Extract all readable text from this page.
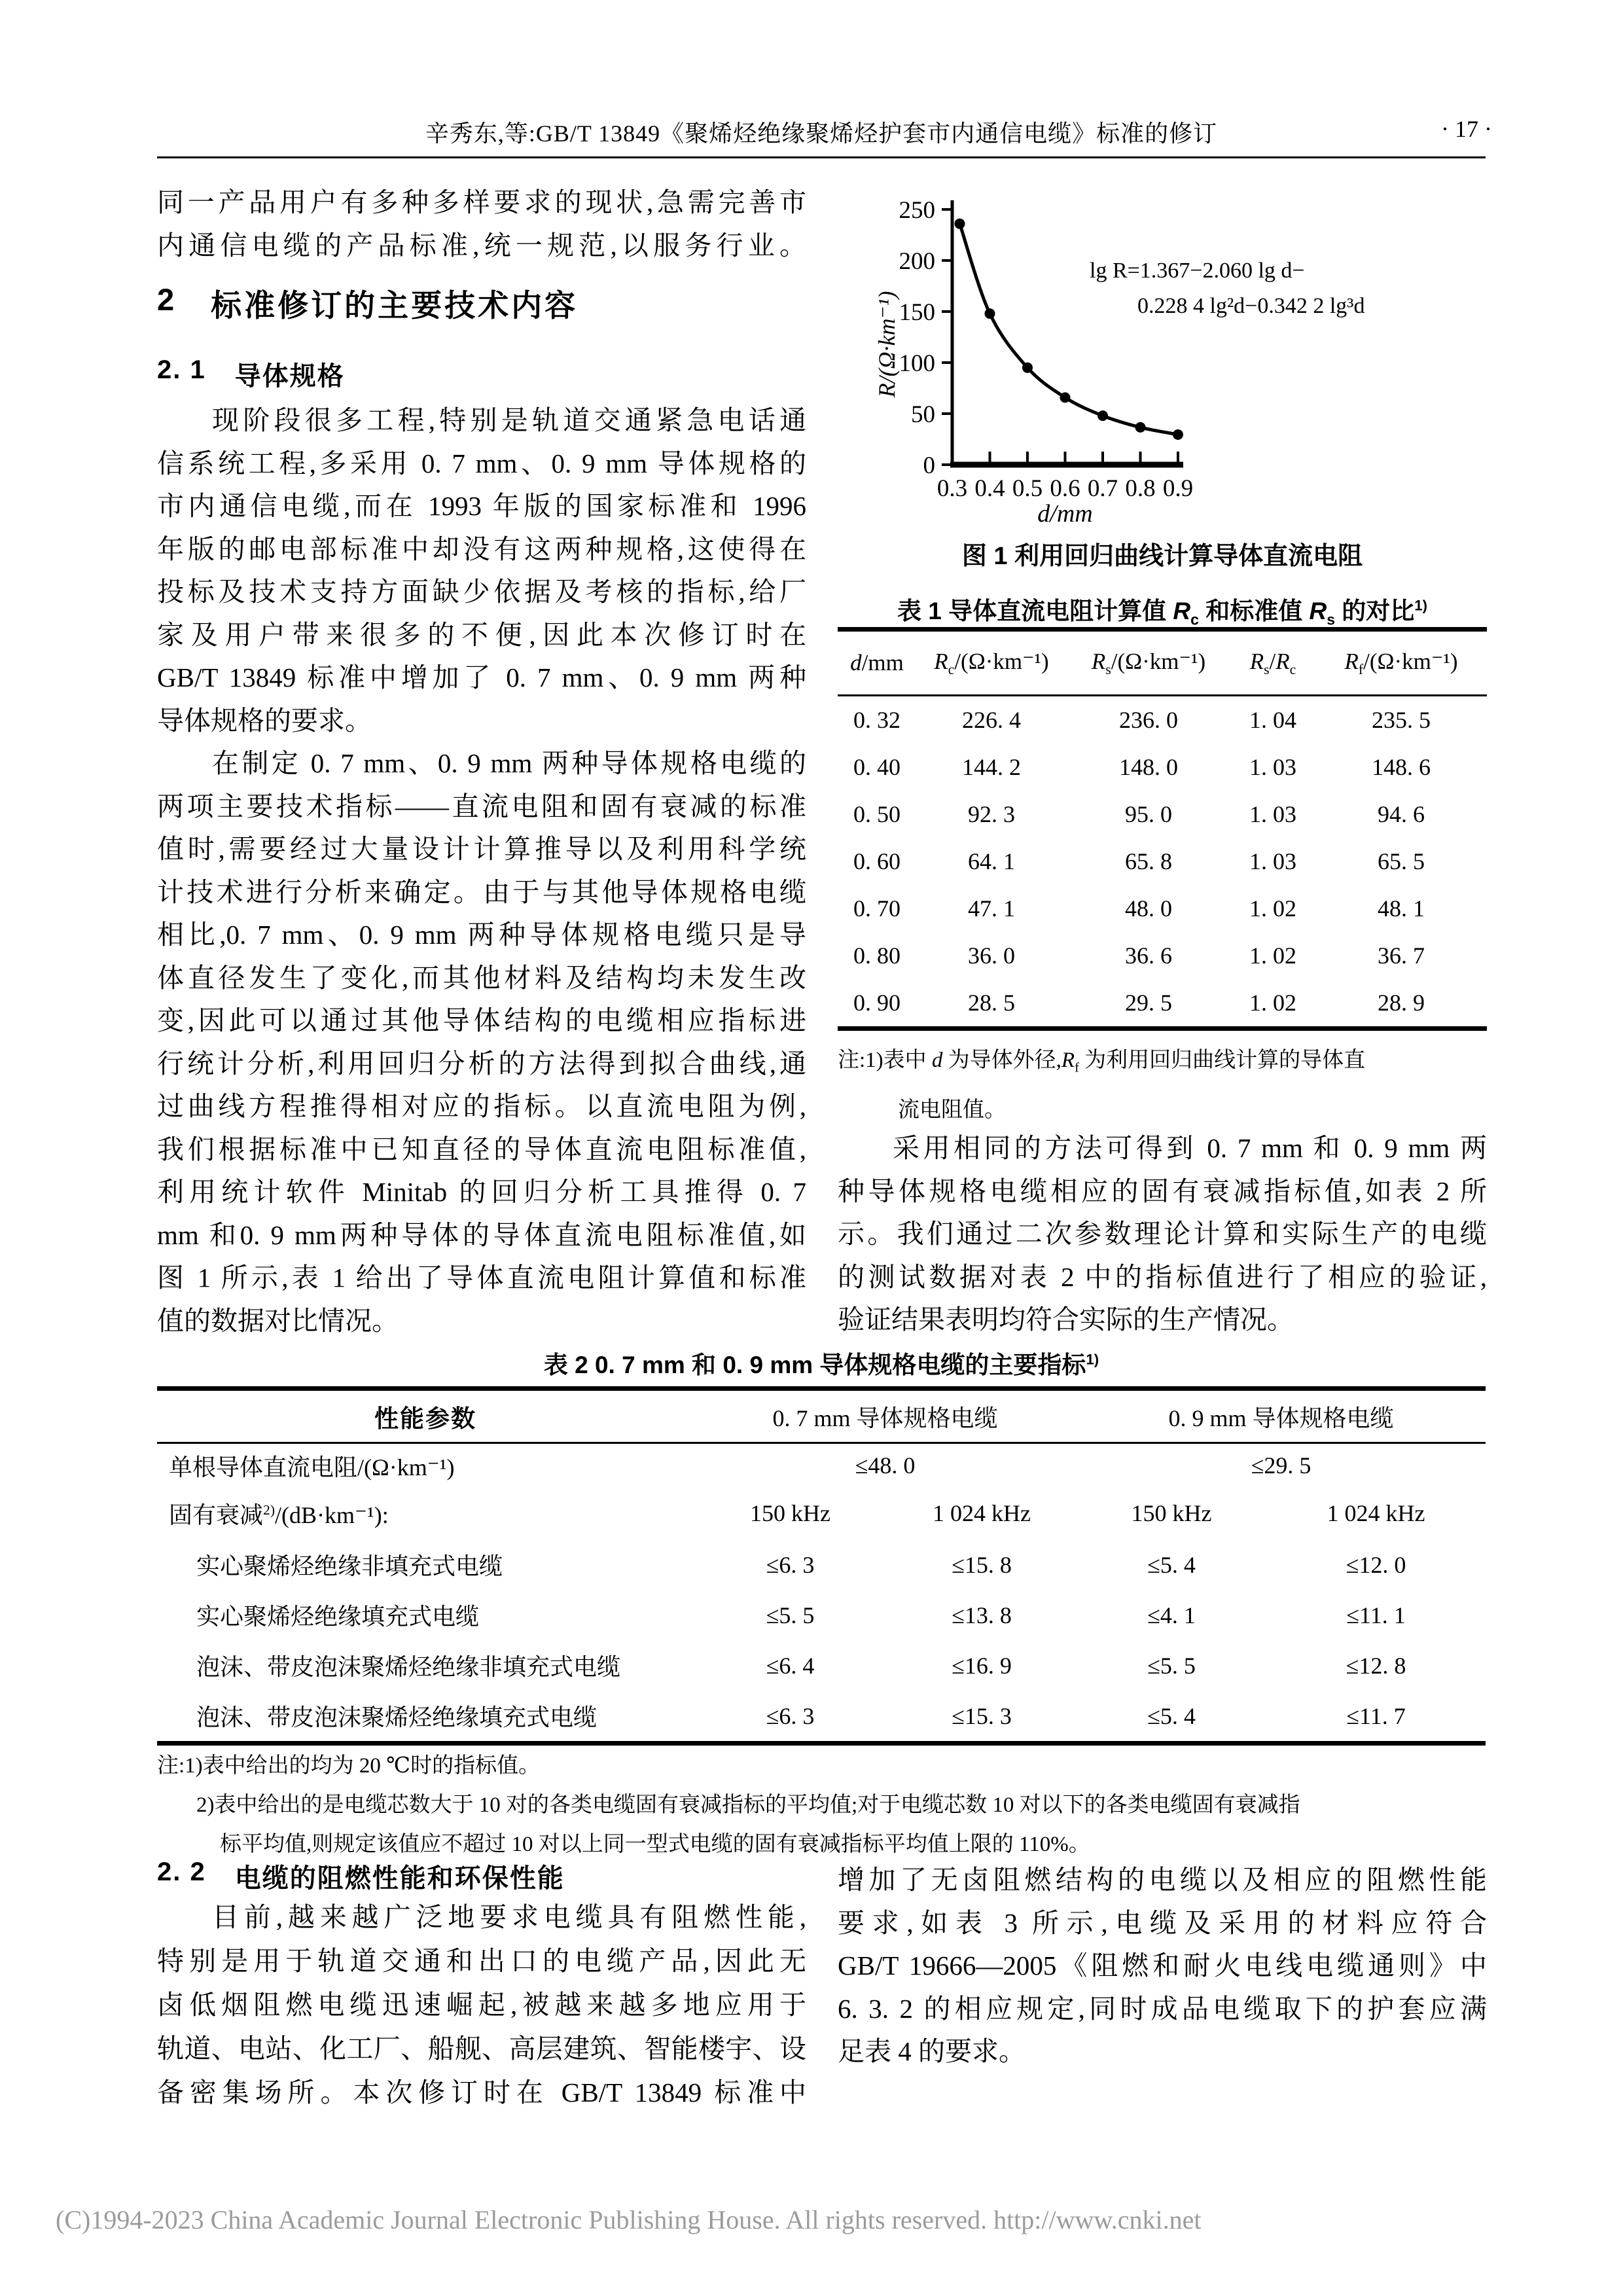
辛秀东,等:GB/T 13849《聚烯烃绝缘聚烯烃护套市内通信电缆》标准的修订	· 17 ·
同一产品用户有多种多样要求的现状,急需完善市
内通信电缆的产品标准,统一规范,以服务行业。
2 标准修订的主要技术内容
2. 1 导体规格
现阶段很多工程,特别是轨道交通紧急电话通
信系统工程,多采用 0. 7 mm、0. 9 mm 导体规格的
市内通信电缆,而在 1993 年版的国家标准和 1996
年版的邮电部标准中却没有这两种规格,这使得在
投标及技术支持方面缺少依据及考核的指标,给厂
家及用户带来很多的不便,因此本次修订时在
GB/T 13849 标准中增加了 0. 7 mm、0. 9 mm 两种
导体规格的要求。
在制定 0. 7 mm、0. 9 mm 两种导体规格电缆的
两项主要技术指标——直流电阻和固有衰减的标准
值时,需要经过大量设计计算推导以及利用科学统
计技术进行分析来确定。由于与其他导体规格电缆
相比,0. 7 mm、0. 9 mm 两种导体规格电缆只是导
体直径发生了变化,而其他材料及结构均未发生改
变,因此可以通过其他导体结构的电缆相应指标进
行统计分析,利用回归分析的方法得到拟合曲线,通
过曲线方程推得相对应的指标。以直流电阻为例,
我们根据标准中已知直径的导体直流电阻标准值,
利用统计软件 Minitab 的回归分析工具推得 0. 7
mm 和0. 9 mm两种导体的导体直流电阻标准值,如
图 1 所示,表 1 给出了导体直流电阻计算值和标准
值的数据对比情况。
0
50
100
150
200
250
0.3 0.4 0.5 0.6 0.7 0.8 0.9
lg R=1.367−2.060 lg d−
0.228 4 lg²d−0.342 2 lg³d
R/(Ω·km⁻¹)
d/mm
图 1 利用回归曲线计算导体直流电阻
表 1 导体直流电阻计算值 $R_c$ 和标准值 $R_s$ 的对比$^{1)}$
d/mm	$R_c/(\Omega\cdot km^{-1})$	$R_s/(\Omega\cdot km^{-1})$	$R_s/R_c$	$R_f/(\Omega\cdot km^{-1})$
0. 32	226. 4	236. 0	1. 04	235. 5
0. 40	144. 2	148. 0	1. 03	148. 6
0. 50	92. 3	95. 0	1. 03	94. 6
0. 60	64. 1	65. 8	1. 03	65. 5
0. 70	47. 1	48. 0	1. 02	48. 1
0. 80	36. 0	36. 6	1. 02	36. 7
0. 90	28. 5	29. 5	1. 02	28. 9
注:1)表中 d 为导体外径$,R_f$ 为利用回归曲线计算的导体直
流电阻值。
采用相同的方法可得到 0. 7 mm 和 0. 9 mm 两
种导体规格电缆相应的固有衰减指标值,如表 2 所
示。我们通过二次参数理论计算和实际生产的电缆
的测试数据对表 2 中的指标值进行了相应的验证,
验证结果表明均符合实际的生产情况。
表 2 0. 7 mm 和 0. 9 mm 导体规格电缆的主要指标$^{1)}$
性能参数	0. 7 mm 导体规格电缆	0. 9 mm 导体规格电缆
单根导体直流电阻/(Ω·km⁻¹)	≤48. 0	≤29. 5
固有衰减$^{2)}$/(dB·km⁻¹):	150 kHz	1 024 kHz	150 kHz	1 024 kHz
实心聚烯烃绝缘非填充式电缆	≤6. 3	≤15. 8	≤5. 4	≤12. 0
实心聚烯烃绝缘填充式电缆	≤5. 5	≤13. 8	≤4. 1	≤11. 1
泡沫、带皮泡沫聚烯烃绝缘非填充式电缆	≤6. 4	≤16. 9	≤5. 5	≤12. 8
泡沫、带皮泡沫聚烯烃绝缘填充式电缆	≤6. 3	≤15. 3	≤5. 4	≤11. 7
注:1)表中给出的均为 20 ℃时的指标值。
2)表中给出的是电缆芯数大于 10 对的各类电缆固有衰减指标的平均值;对于电缆芯数 10 对以下的各类电缆固有衰减指
标平均值,则规定该值应不超过 10 对以上同一型式电缆的固有衰减指标平均值上限的 110%。
2. 2 电缆的阻燃性能和环保性能
目前,越来越广泛地要求电缆具有阻燃性能,
特别是用于轨道交通和出口的电缆产品,因此无
卤低烟阻燃电缆迅速崛起,被越来越多地应用于
轨道、电站、化工厂、船舰、高层建筑、智能楼宇、设
备密集场所。本次修订时在 GB/T 13849 标准中
增加了无卤阻燃结构的电缆以及相应的阻燃性能
要求,如表 3 所示,电缆及采用的材料应符合
GB/T 19666—2005《阻燃和耐火电线电缆通则》中
6. 3. 2 的相应规定,同时成品电缆取下的护套应满
足表 4 的要求。
(C)1994-2023 China Academic Journal Electronic Publishing House. All rights reserved. http://www.cnki.net
